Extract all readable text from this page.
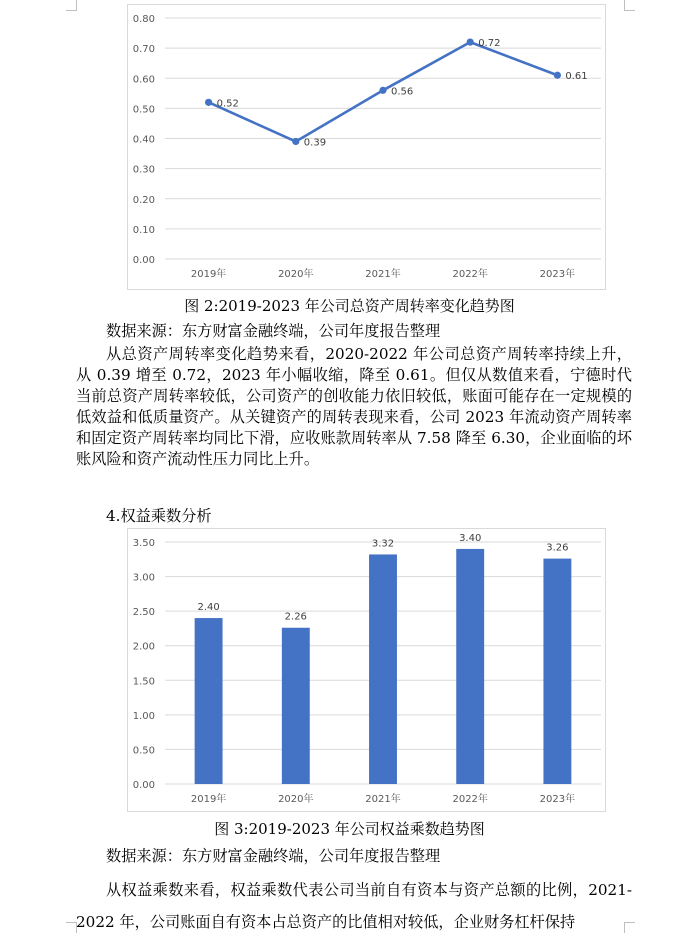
0.00
0.10
0.20
0.30
0.40
0.50
0.60
0.70
0.80
2019年	2020年	2021年	2022年	2023年
0.52
0.39
0.56
0.72
0.61
图 2:2019-2023 年公司总资产周转率变化趋势图
数据来源：东方财富金融终端，公司年度报告整理
从总资产周转率变化趋势来看，2020-2022 年公司总资产周转率持续上升，从 0.39 增至 0.72，2023 年小幅收缩，降至 0.61。但仅从数值来看，宁德时代当前总资产周转率较低，公司资产的创收能力依旧较低，账面可能存在一定规模的低效益和低质量资产。从关键资产的周转表现来看，公司 2023 年流动资产周转率和固定资产周转率均同比下滑，应收账款周转率从 7.58 降至 6.30，企业面临的坏账风险和资产流动性压力同比上升。
4.权益乘数分析
0.00
0.50
1.00
1.50
2.00
2.50
3.00
3.50
2019年	2020年	2021年	2022年	2023年
2.40
2.26
3.32
3.40
3.26
图 3:2019-2023 年公司权益乘数趋势图
数据来源：东方财富金融终端，公司年度报告整理
从权益乘数来看，权益乘数代表公司当前自有资本与资产总额的比例，2021-2022 年，公司账面自有资本占总资产的比值相对较低，企业财务杠杆保持
